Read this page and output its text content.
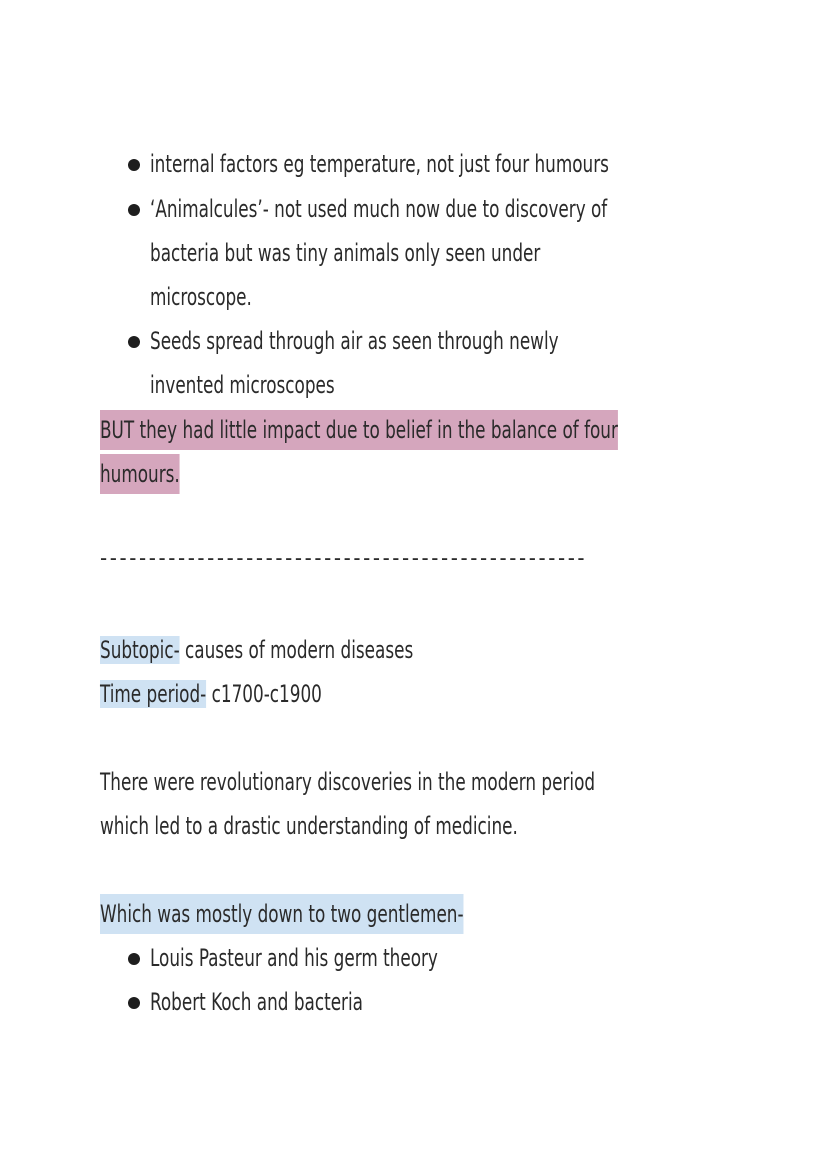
internal factors eg temperature, not just four humours
‘Animalcules’- not used much now due to discovery of
bacteria but was tiny animals only seen under
microscope.
Seeds spread through air as seen through newly
invented microscopes
BUT they had little impact due to belief in the balance of four
humours.
--------------------------------------------------
Subtopic- causes of modern diseases
Time period- c1700-c1900
There were revolutionary discoveries in the modern period
which led to a drastic understanding of medicine.
Which was mostly down to two gentlemen-
Louis Pasteur and his germ theory
Robert Koch and bacteria
